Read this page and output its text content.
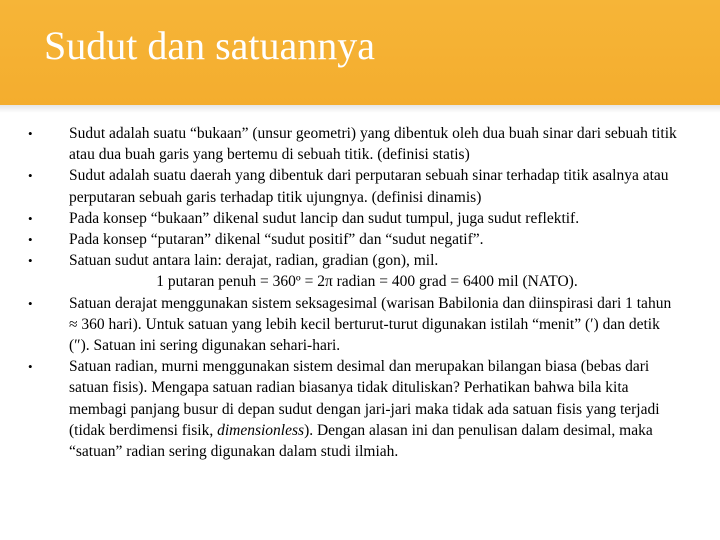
Sudut dan satuannya
• Sudut adalah suatu “bukaan” (unsur geometri) yang dibentuk oleh dua buah sinar dari sebuah titik atau dua buah garis yang bertemu di sebuah titik. (definisi statis)
• Sudut adalah suatu daerah yang dibentuk dari perputaran sebuah sinar terhadap titik asalnya atau perputaran sebuah garis terhadap titik ujungnya. (definisi dinamis)
• Pada konsep “bukaan” dikenal sudut lancip dan sudut tumpul, juga sudut reflektif.
• Pada konsep “putaran” dikenal “sudut positif” dan “sudut negatif”.
• Satuan sudut antara lain: derajat, radian, gradian (gon), mil.
1 putaran penuh = 360º = 2π radian = 400 grad = 6400 mil (NATO).
• Satuan derajat menggunakan sistem seksagesimal (warisan Babilonia dan diinspirasi dari 1 tahun ≈ 360 hari). Untuk satuan yang lebih kecil berturut-turut digunakan istilah “menit” (′) dan detik (″). Satuan ini sering digunakan sehari-hari.
• Satuan radian, murni menggunakan sistem desimal dan merupakan bilangan biasa (bebas dari satuan fisis). Mengapa satuan radian biasanya tidak dituliskan? Perhatikan bahwa bila kita membagi panjang busur di depan sudut dengan jari-jari maka tidak ada satuan fisis yang terjadi (tidak berdimensi fisik, dimensionless). Dengan alasan ini dan penulisan dalam desimal, maka “satuan” radian sering digunakan dalam studi ilmiah.
